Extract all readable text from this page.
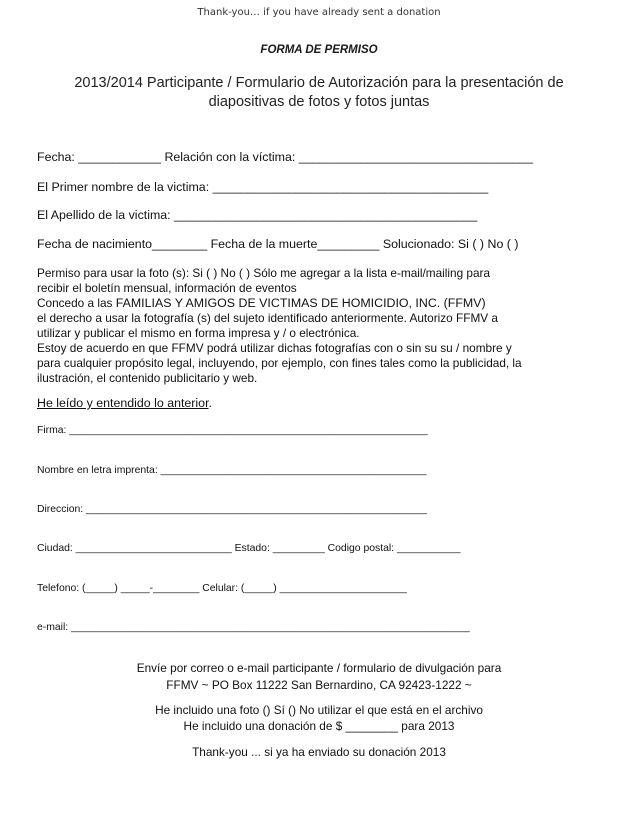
Thank-you… if you have already sent a donation
FORMA DE PERMISO
2013/2014 Participante / Formulario de Autorización para la presentación de
diapositivas de fotos y fotos juntas
Fecha: ____________ Relación con la víctima: __________________________________
El Primer nombre de la victima: ________________________________________
El Apellido de la victima: ____________________________________________
Fecha de nacimiento________ Fecha de la muerte_________ Solucionado: Si ( ) No ( )
Permiso para usar la foto (s): Si ( ) No ( ) Sólo me agregar a la lista e-mail/mailing para
recibir el boletín mensual, información de eventos
Concedo a las FAMILIAS Y AMIGOS DE VICTIMAS DE HOMICIDIO, INC. (FFMV)
el derecho a usar la fotografía (s) del sujeto identificado anteriormente. Autorizo FFMV a
utilizar y publicar el mismo en forma impresa y / o electrónica.
Estoy de acuerdo en que FFMV podrá utilizar dichas fotografías con o sin su su / nombre y
para cualquier propósito legal, incluyendo, por ejemplo, con fines tales como la publicidad, la
ilustración, el contenido publicitario y web.
He leído y entendido lo anterior.
Firma: ______________________________________________________________
Nombre en letra imprenta: ______________________________________________
Direccion: ___________________________________________________________
Ciudad: ___________________________ Estado: _________ Codigo postal: ___________
Telefono: (_____) _____-________ Celular: (_____) ______________________
e-mail: _____________________________________________________________________
Envíe por correo o e-mail participante / formulario de divulgación para
FFMV ~ PO Box 11222 San Bernardino, CA 92423-1222 ~
He incluido una foto () Sí () No utilizar el que está en el archivo
He incluido una donación de $ ________ para 2013
Thank-you ... si ya ha enviado su donación 2013
